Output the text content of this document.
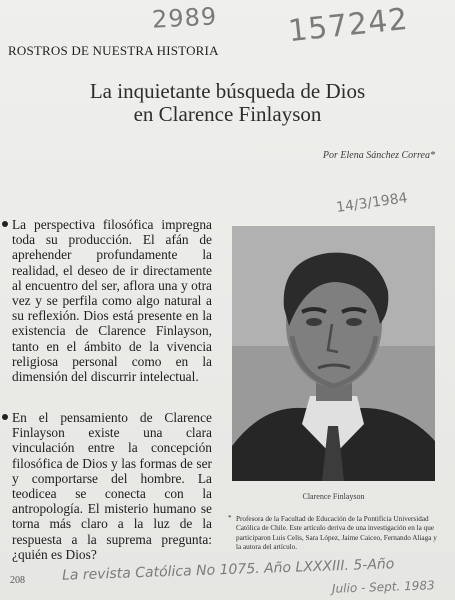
2989 157242
14/3/1984
ROSTROS DE NUESTRA HISTORIA
La inquietante búsqueda de Dios
en Clarence Finlayson
Por Elena Sánchez Correa*
La perspectiva filosófica impregna toda su producción. El afán de aprehender profundamente la realidad, el deseo de ir directamente al encuentro del ser, aflora una y otra vez y se perfila como algo natural a su reflexión. Dios está presente en la existencia de Clarence Finlayson, tanto en el ámbito de la vivencia religiosa personal como en la dimensión del discurrir intelectual.
En el pensamiento de Clarence Finlayson existe una clara vinculación entre la concepción filosófica de Dios y las formas de ser y comportarse del hombre. La teodicea se conecta con la antropología. El misterio humano se torna más claro a la luz de la respuesta a la suprema pregunta: ¿quién es Dios?
Clarence Finlayson
* Profesora de la Facultad de Educación de la Pontificia Universidad Católica de Chile. Este artículo deriva de una investigación en la que participaron Luis Celis, Sara López, Jaime Caiceo, Fernando Aliaga y la autora del artículo.
208	La revista Católica No 1075. Año LXXXIII. 5-Año
Julio - Sept. 1983
